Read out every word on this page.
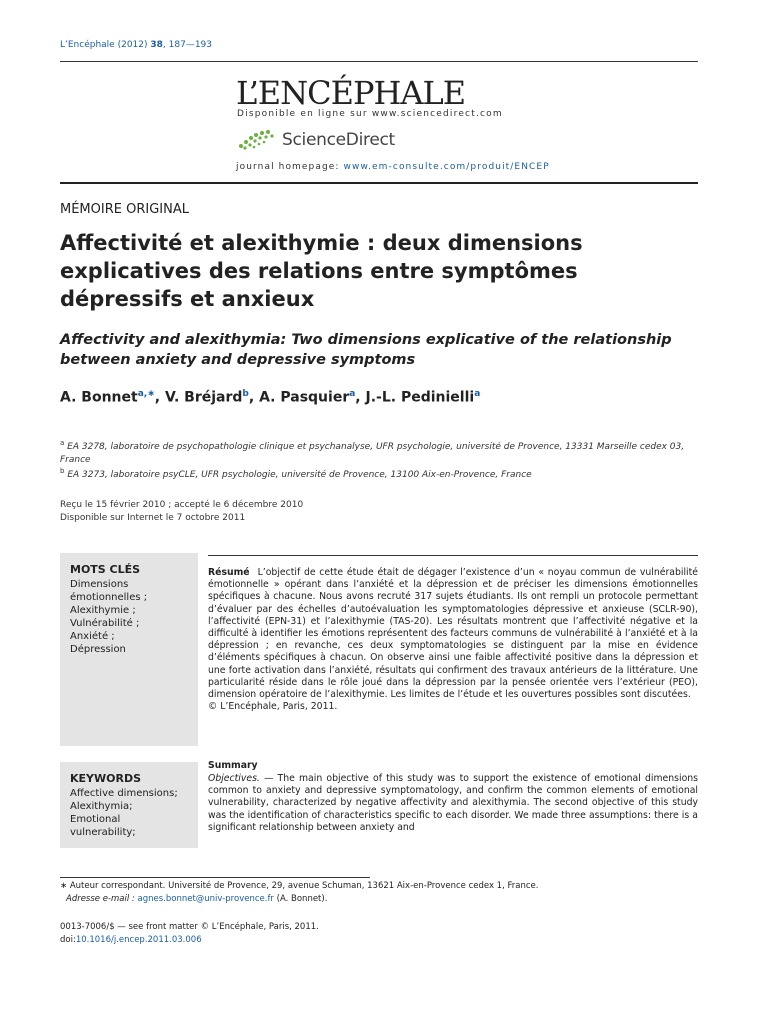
L’Encéphale (2012) 38, 187—193
L’ENCÉPHALE
Disponible en ligne sur www.sciencedirect.com
ScienceDirect
journal homepage: www.em-consulte.com/produit/ENCEP
MÉMOIRE ORIGINAL
Affectivité et alexithymie : deux dimensions explicatives des relations entre symptômes dépressifs et anxieux
Affectivity and alexithymia: Two dimensions explicative of the relationship between anxiety and depressive symptoms
A. Bonnet$^{a,∗}$, V. Bréjard$^b$, A. Pasquier$^a$, J.-L. Pedinielli$^a$
$^a$ EA 3278, laboratoire de psychopathologie clinique et psychanalyse, UFR psychologie, université de Provence, 13331 Marseille cedex 03, France
$^b$ EA 3273, laboratoire psyCLE, UFR psychologie, université de Provence, 13100 Aix-en-Provence, France
Reçu le 15 février 2010 ; accepté le 6 décembre 2010
Disponible sur Internet le 7 octobre 2011
MOTS CLÉS
Dimensions
émotionnelles ;
Alexithymie ;
Vulnérabilité ;
Anxiété ;
Dépression
KEYWORDS
Affective dimensions;
Alexithymia;
Emotional
vulnerability;
Résumé L’objectif de cette étude était de dégager l’existence d’un « noyau commun de vulnérabilité émotionnelle » opérant dans l’anxiété et la dépression et de préciser les dimensions émotionnelles spécifiques à chacune. Nous avons recruté 317 sujets étudiants. Ils ont rempli un protocole permettant d’évaluer par des échelles d’autoévaluation les symptomatologies dépressive et anxieuse (SCLR-90), l’affectivité (EPN-31) et l’alexithymie (TAS-20). Les résultats montrent que l’affectivité négative et la difficulté à identifier les émotions représentent des facteurs communs de vulnérabilité à l’anxiété et à la dépression ; en revanche, ces deux symptomatologies se distinguent par la mise en évidence d’éléments spécifiques à chacun. On observe ainsi une faible affectivité positive dans la dépression et une forte activation dans l’anxiété, résultats qui confirment des travaux antérieurs de la littérature. Une particularité réside dans le rôle joué dans la dépression par la pensée orientée vers l’extérieur (PEO), dimension opératoire de l’alexithymie. Les limites de l’étude et les ouvertures possibles sont discutées.
© L’Encéphale, Paris, 2011.
Summary
Objectives. — The main objective of this study was to support the existence of emotional dimensions common to anxiety and depressive symptomatology, and confirm the common elements of emotional vulnerability, characterized by negative affectivity and alexithymia. The second objective of this study was the identification of characteristics specific to each disorder. We made three assumptions: there is a significant relationship between anxiety and
∗ Auteur correspondant. Université de Provence, 29, avenue Schuman, 13621 Aix-en-Provence cedex 1, France.
Adresse e-mail : agnes.bonnet@univ-provence.fr (A. Bonnet).
0013-7006/$ — see front matter © L’Encéphale, Paris, 2011.
doi:10.1016/j.encep.2011.03.006
